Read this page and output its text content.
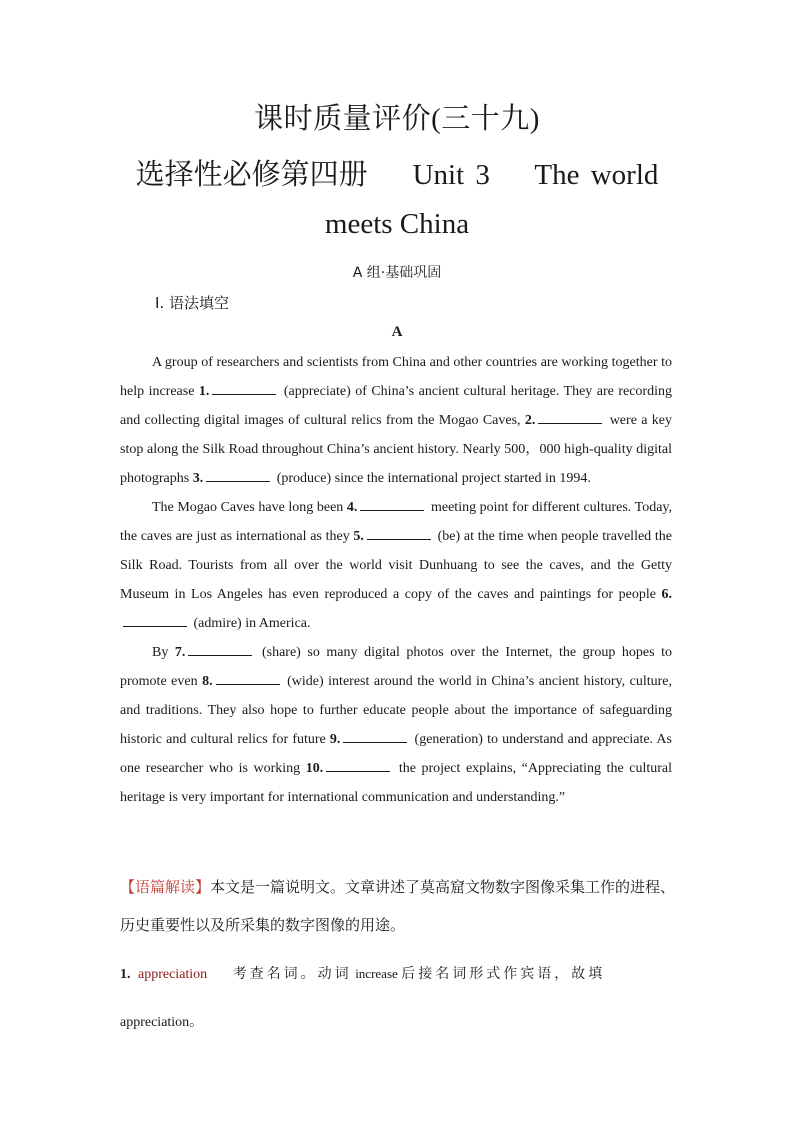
课时质量评价(三十九)
选择性必修第四册    Unit 3    The world
meets China
A 组·基础巩固
Ⅰ. 语法填空
A

A group of researchers and scientists from China and other countries are working together to help increase 1.	(appreciate) of China’s ancient cultural heritage. They are recording and collecting digital images of cultural relics from the Mogao Caves, 2.	were a key stop along the Silk Road throughout China’s ancient history. Nearly 500，000 high-quality digital photographs 3.	(produce) since the international project started in 1994.

The Mogao Caves have long been 4.	meeting point for different cultures. Today, the caves are just as international as they 5.	(be) at the time when people travelled the Silk Road. Tourists from all over the world visit Dunhuang to see the caves, and the Getty Museum in Los Angeles has even reproduced a copy of the caves and paintings for people 6. (admire) in America.

By 7.	(share) so many digital photos over the Internet, the group hopes to promote even 8.	(wide) interest around the world in China’s ancient history, culture, and traditions. They also hope to further educate people about the importance of safeguarding historic and cultural relics for future 9.	(generation) to understand and appreciate. As one researcher who is working 10.	the project explains, “Appreciating the cultural heritage is very important for international communication and understanding.”

【语篇解读】本文是一篇说明文。文章讲述了莫高窟文物数字图像采集工作的进程、历史重要性以及所采集的数字图像的用途。
1. appreciation 考查名词。动词 increase 后接名词形式作宾语，故填
appreciation。
